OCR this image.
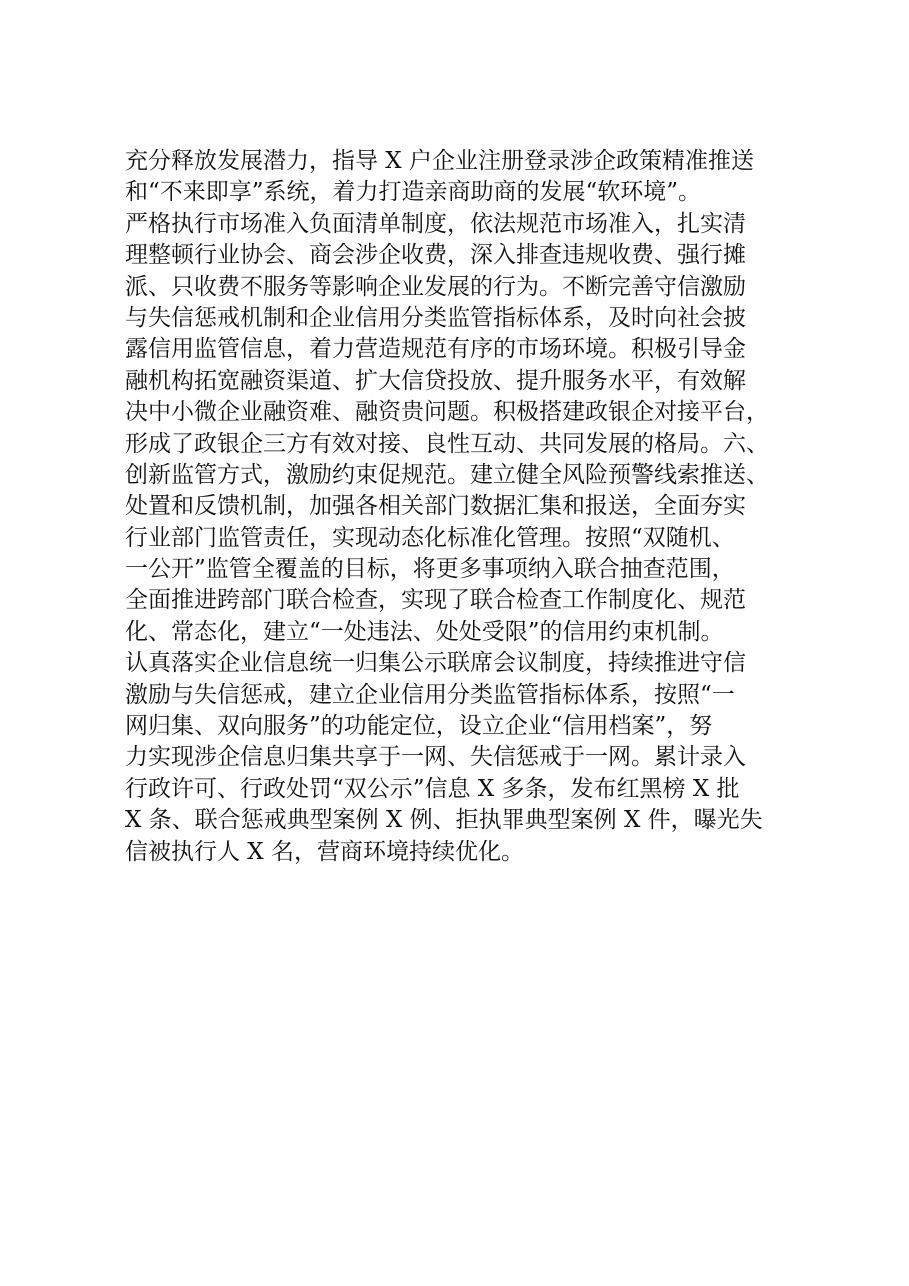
充分释放发展潜力，指导 X 户企业注册登录涉企政策精准推送
和“不来即享”系统，着力打造亲商助商的发展“软环境”。
严格执行市场准入负面清单制度，依法规范市场准入，扎实清
理整顿行业协会、商会涉企收费，深入排查违规收费、强行摊
派、只收费不服务等影响企业发展的行为。不断完善守信激励
与失信惩戒机制和企业信用分类监管指标体系，及时向社会披
露信用监管信息，着力营造规范有序的市场环境。积极引导金
融机构拓宽融资渠道、扩大信贷投放、提升服务水平，有效解
决中小微企业融资难、融资贵问题。积极搭建政银企对接平台，
形成了政银企三方有效对接、良性互动、共同发展的格局。六、
创新监管方式，激励约束促规范。建立健全风险预警线索推送、
处置和反馈机制，加强各相关部门数据汇集和报送，全面夯实
行业部门监管责任，实现动态化标准化管理。按照“双随机、
一公开”监管全覆盖的目标，将更多事项纳入联合抽查范围，
全面推进跨部门联合检查，实现了联合检查工作制度化、规范
化、常态化，建立“一处违法、处处受限”的信用约束机制。
认真落实企业信息统一归集公示联席会议制度，持续推进守信
激励与失信惩戒，建立企业信用分类监管指标体系，按照“一
网归集、双向服务”的功能定位，设立企业“信用档案”，努
力实现涉企信息归集共享于一网、失信惩戒于一网。累计录入
行政许可、行政处罚“双公示”信息 X 多条，发布红黑榜 X 批
X 条、联合惩戒典型案例 X 例、拒执罪典型案例 X 件，曝光失
信被执行人 X 名，营商环境持续优化。
